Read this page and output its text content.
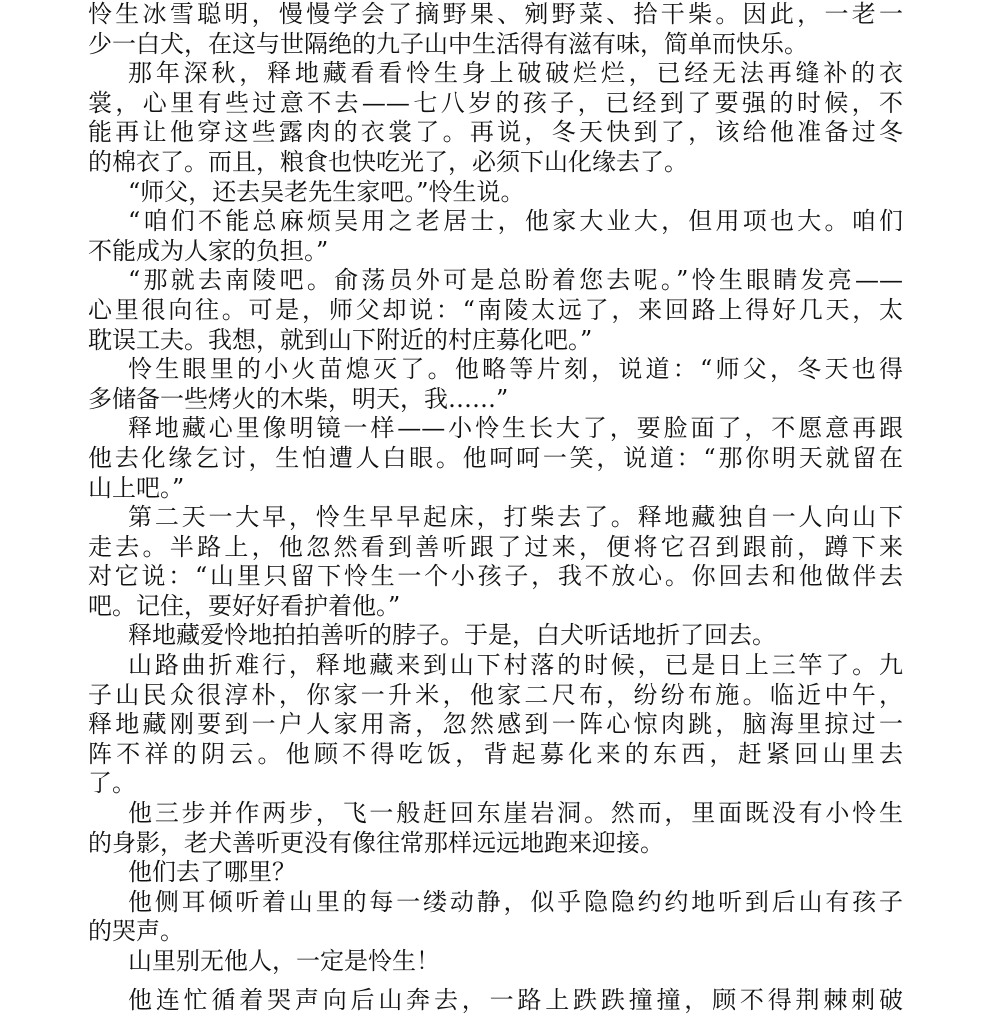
怜生冰雪聪明，慢慢学会了摘野果、剜野菜、拾干柴。因此，一老一
少一白犬，在这与世隔绝的九子山中生活得有滋有味，简单而快乐。
那年深秋，释地藏看看怜生身上破破烂烂，已经无法再缝补的衣
裳，心里有些过意不去——七八岁的孩子，已经到了要强的时候，不
能再让他穿这些露肉的衣裳了。再说，冬天快到了，该给他准备过冬
的棉衣了。而且，粮食也快吃光了，必须下山化缘去了。
“师父，还去吴老先生家吧。”怜生说。
“咱们不能总麻烦吴用之老居士，他家大业大，但用项也大。咱们
不能成为人家的负担。”
“那就去南陵吧。俞荡员外可是总盼着您去呢。”怜生眼睛发亮——
心里很向往。可是，师父却说：“南陵太远了，来回路上得好几天，太
耽误工夫。我想，就到山下附近的村庄募化吧。”
怜生眼里的小火苗熄灭了。他略等片刻，说道：“师父，冬天也得
多储备一些烤火的木柴，明天，我……”
释地藏心里像明镜一样——小怜生长大了，要脸面了，不愿意再跟
他去化缘乞讨，生怕遭人白眼。他呵呵一笑，说道：“那你明天就留在
山上吧。”
第二天一大早，怜生早早起床，打柴去了。释地藏独自一人向山下
走去。半路上，他忽然看到善听跟了过来，便将它召到跟前，蹲下来
对它说：“山里只留下怜生一个小孩子，我不放心。你回去和他做伴去
吧。记住，要好好看护着他。”
释地藏爱怜地拍拍善听的脖子。于是，白犬听话地折了回去。
山路曲折难行，释地藏来到山下村落的时候，已是日上三竿了。九
子山民众很淳朴，你家一升米，他家二尺布，纷纷布施。临近中午，
释地藏刚要到一户人家用斋，忽然感到一阵心惊肉跳，脑海里掠过一
阵不祥的阴云。他顾不得吃饭，背起募化来的东西，赶紧回山里去
了。
他三步并作两步，飞一般赶回东崖岩洞。然而，里面既没有小怜生
的身影，老犬善听更没有像往常那样远远地跑来迎接。
他们去了哪里？
他侧耳倾听着山里的每一缕动静，似乎隐隐约约地听到后山有孩子
的哭声。
山里别无他人，一定是怜生！
他连忙循着哭声向后山奔去，一路上跌跌撞撞，顾不得荆棘刺破
